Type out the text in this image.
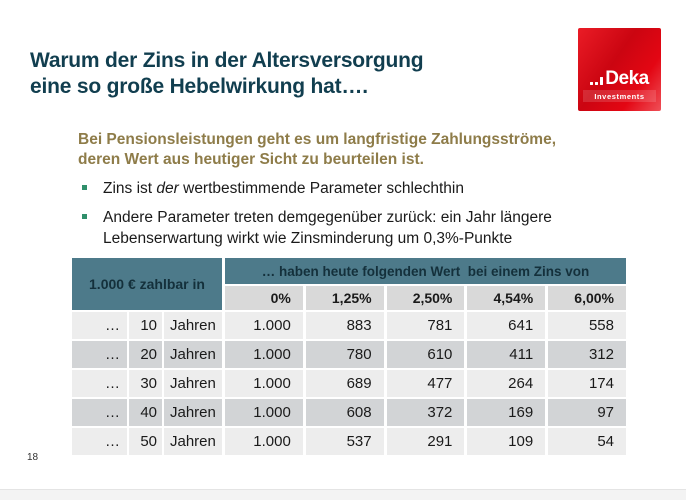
Deka
Investments
Warum der Zins in der Altersversorgung
eine so große Hebelwirkung hat….
Bei Pensionsleistungen geht es um langfristige Zahlungsströme,
deren Wert aus heutiger Sicht zu beurteilen ist.
Zins ist der wertbestimmende Parameter schlechthin
Andere Parameter treten demgegenüber zurück: ein Jahr längere
Lebenserwartung wirkt wie Zinsminderung um 0,3%-Punkte
1.000 € zahlbar in
… haben heute folgenden Wert  bei einem Zins von
0%	1,25%	2,50%	4,54%	6,00%
…	10 Jahren	1.000	883	781	641	558
…	20 Jahren	1.000	780	610	411	312
…	30 Jahren	1.000	689	477	264	174
…	40 Jahren	1.000	608	372	169	97
…	50 Jahren	1.000	537	291	109	54
18
